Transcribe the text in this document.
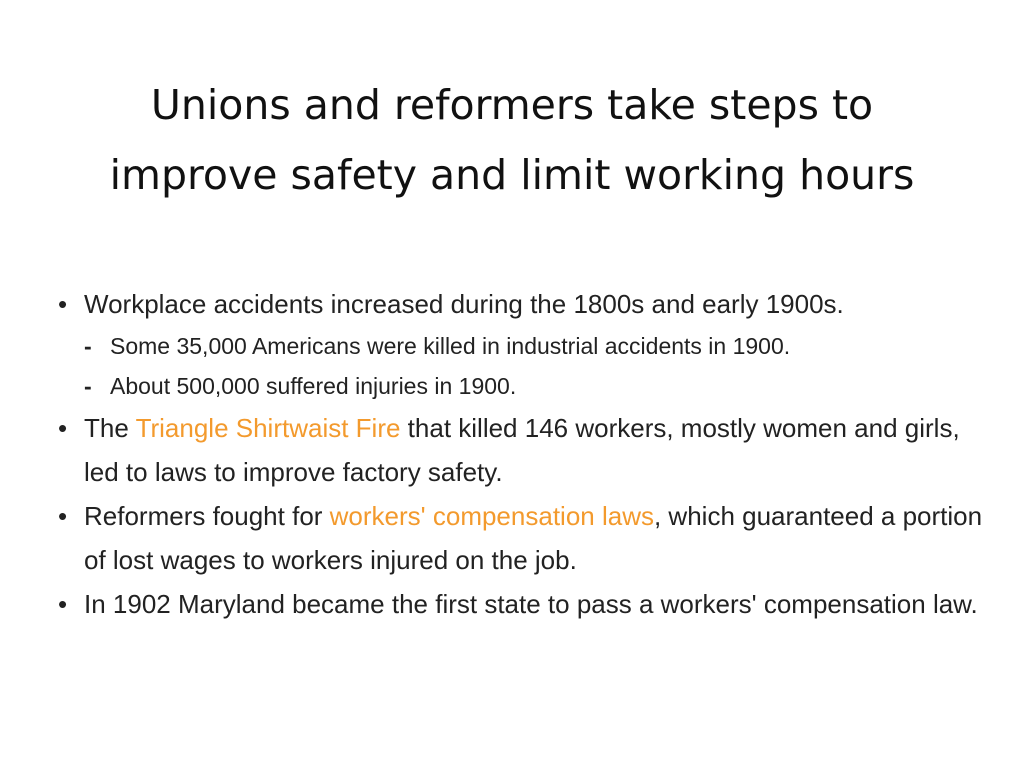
Unions and reformers take steps to
improve safety and limit working hours

• Workplace accidents increased during the 1800s and early 1900s.

- Some 35,000 Americans were killed in industrial accidents in 1900.

- About 500,000 suffered injuries in 1900.

• The Triangle Shirtwaist Fire that killed 146 workers, mostly women and girls, led to laws to improve factory safety.

• Reformers fought for workers' compensation laws, which guaranteed a portion of lost wages to workers injured on the job.

• In 1902 Maryland became the first state to pass a workers' compensation law.
